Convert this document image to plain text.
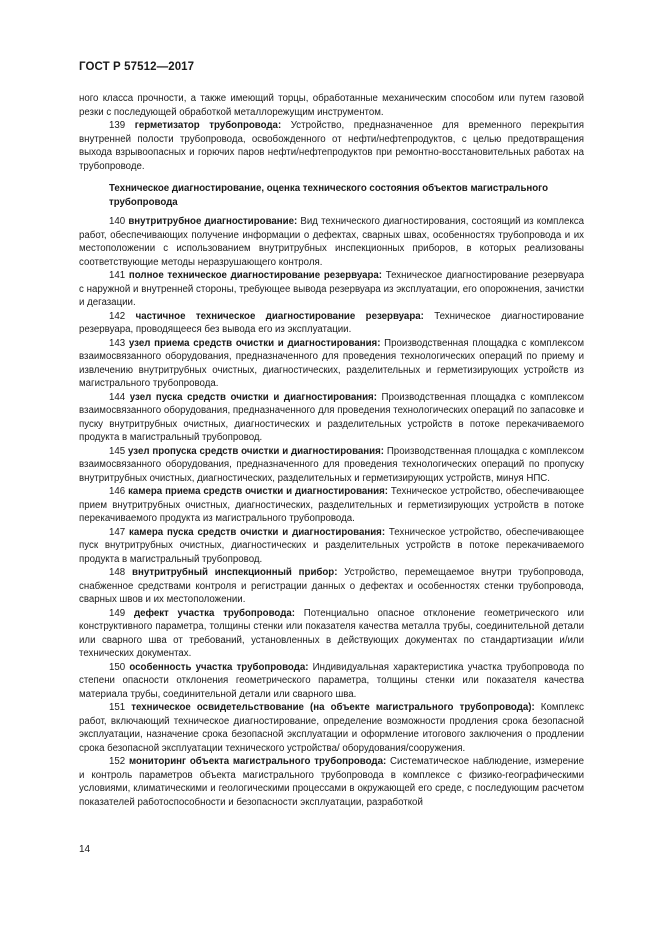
ГОСТ Р 57512—2017

ного класса прочности, а также имеющий торцы, обработанные механическим способом или путем газовой резки с последующей обработкой металлорежущим инструментом.

139 герметизатор трубопровода: Устройство, предназначенное для временного перекрытия внутренней полости трубопровода, освобожденного от нефти/нефтепродуктов, с целью предотвращения выхода взрывоопасных и горючих паров нефти/нефтепродуктов при ремонтно-восстановительных работах на трубопроводе.

Техническое диагностирование, оценка технического состояния объектов магистрального трубопровода

140 внутритрубное диагностирование: Вид технического диагностирования, состоящий из комплекса работ, обеспечивающих получение информации о дефектах, сварных швах, особенностях трубопровода и их местоположении с использованием внутритрубных инспекционных приборов, в которых реализованы соответствующие методы неразрушающего контроля.

141 полное техническое диагностирование резервуара: Техническое диагностирование резервуара с наружной и внутренней стороны, требующее вывода резервуара из эксплуатации, его опорожнения, зачистки и дегазации.

142 частичное техническое диагностирование резервуара: Техническое диагностирование резервуара, проводящееся без вывода его из эксплуатации.

143 узел приема средств очистки и диагностирования: Производственная площадка с комплексом взаимосвязанного оборудования, предназначенного для проведения технологических операций по приему и извлечению внутритрубных очистных, диагностических, разделительных и герметизирующих устройств из магистрального трубопровода.

144 узел пуска средств очистки и диагностирования: Производственная площадка с комплексом взаимосвязанного оборудования, предназначенного для проведения технологических операций по запасовке и пуску внутритрубных очистных, диагностических и разделительных устройств в потоке перекачиваемого продукта в магистральный трубопровод.

145 узел пропуска средств очистки и диагностирования: Производственная площадка с комплексом взаимосвязанного оборудования, предназначенного для проведения технологических операций по пропуску внутритрубных очистных, диагностических, разделительных и герметизирующих устройств, минуя НПС.

146 камера приема средств очистки и диагностирования: Техническое устройство, обеспечивающее прием внутритрубных очистных, диагностических, разделительных и герметизирующих устройств в потоке перекачиваемого продукта из магистрального трубопровода.

147 камера пуска средств очистки и диагностирования: Техническое устройство, обеспечивающее пуск внутритрубных очистных, диагностических и разделительных устройств в потоке перекачиваемого продукта в магистральный трубопровод.

148 внутритрубный инспекционный прибор: Устройство, перемещаемое внутри трубопровода, снабженное средствами контроля и регистрации данных о дефектах и особенностях стенки трубопровода, сварных швов и их местоположении.

149 дефект участка трубопровода: Потенциально опасное отклонение геометрического или конструктивного параметра, толщины стенки или показателя качества металла трубы, соединительной детали или сварного шва от требований, установленных в действующих документах по стандартизации и/или технических документах.

150 особенность участка трубопровода: Индивидуальная характеристика участка трубопровода по степени опасности отклонения геометрического параметра, толщины стенки или показателя качества материала трубы, соединительной детали или сварного шва.

151 техническое освидетельствование (на объекте магистрального трубопровода): Комплекс работ, включающий техническое диагностирование, определение возможности продления срока безопасной эксплуатации, назначение срока безопасной эксплуатации и оформление итогового заключения о продлении срока безопасной эксплуатации технического устройства/ оборудования/сооружения.

152 мониторинг объекта магистрального трубопровода: Систематическое наблюдение, измерение и контроль параметров объекта магистрального трубопровода в комплексе с физико-географическими условиями, климатическими и геологическими процессами в окружающей его среде, с последующим расчетом показателей работоспособности и безопасности эксплуатации, разработкой

14
